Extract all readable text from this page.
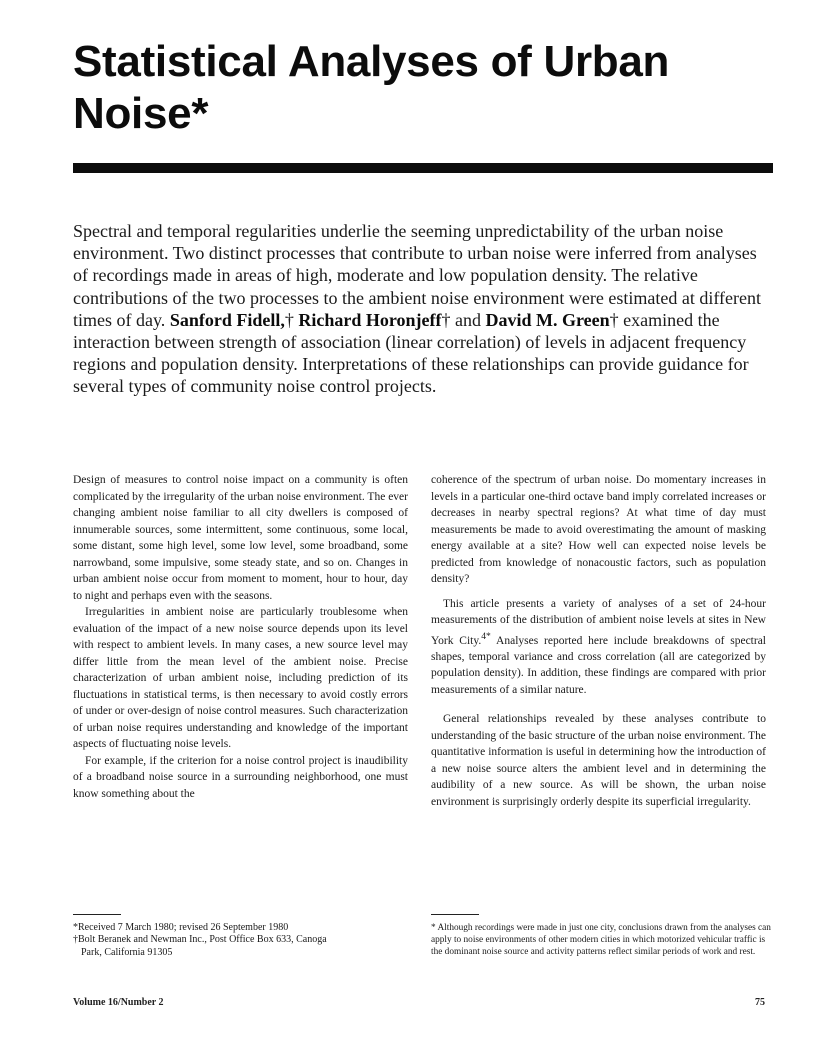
Statistical Analyses of Urban Noise*

Spectral and temporal regularities underlie the seeming unpredictability of the urban noise environment. Two distinct processes that contribute to urban noise were inferred from analyses of recordings made in areas of high, moderate and low population density. The relative contributions of the two processes to the ambient noise environment were estimated at different times of day. Sanford Fidell,† Richard Horonjeff† and David M. Green† examined the interaction between strength of association (linear correlation) of levels in adjacent frequency regions and population density. Interpretations of these relationships can provide guidance for several types of community noise control projects.

Design of measures to control noise impact on a community is often complicated by the irregularity of the urban noise environment. The ever changing ambient noise familiar to all city dwellers is composed of innumerable sources, some intermittent, some continuous, some local, some distant, some high level, some low level, some broadband, some narrowband, some impulsive, some steady state, and so on. Changes in urban ambient noise occur from moment to moment, hour to hour, day to night and perhaps even with the seasons.

Irregularities in ambient noise are particularly troublesome when evaluation of the impact of a new noise source depends upon its level with respect to ambient levels. In many cases, a new source level may differ little from the mean level of the ambient noise. Precise characterization of urban ambient noise, including prediction of its fluctuations in statistical terms, is then necessary to avoid costly errors of under or over-design of noise control measures. Such characterization of urban noise requires understanding and knowledge of the important aspects of fluctuating noise levels.

For example, if the criterion for a noise control project is inaudibility of a broadband noise source in a surrounding neighborhood, one must know something about the

coherence of the spectrum of urban noise. Do momentary increases in levels in a particular one-third octave band imply correlated increases or decreases in nearby spectral regions? At what time of day must measurements be made to avoid overestimating the amount of masking energy available at a site? How well can expected noise levels be predicted from knowledge of nonacoustic factors, such as population density?

This article presents a variety of analyses of a set of 24-hour measurements of the distribution of ambient noise levels at sites in New York City.$^{4*}$ Analyses reported here include breakdowns of spectral shapes, temporal variance and cross correlation (all are categorized by population density). In addition, these findings are compared with prior measurements of a similar nature.

General relationships revealed by these analyses contribute to understanding of the basic structure of the urban noise environment. The quantitative information is useful in determining how the introduction of a new noise source alters the ambient level and in determining the audibility of a new source. As will be shown, the urban noise environment is surprisingly orderly despite its superficial irregularity.

*Received 7 March 1980; revised 26 September 1980

†Bolt Beranek and Newman Inc., Post Office Box 633, Canoga

Park, California 91305

* Although recordings were made in just one city, conclusions drawn from the analyses can apply to noise environments of other modern cities in which motorized vehicular traffic is the dominant noise source and activity patterns reflect similar periods of work and rest.

Volume 16/Number 2	75
